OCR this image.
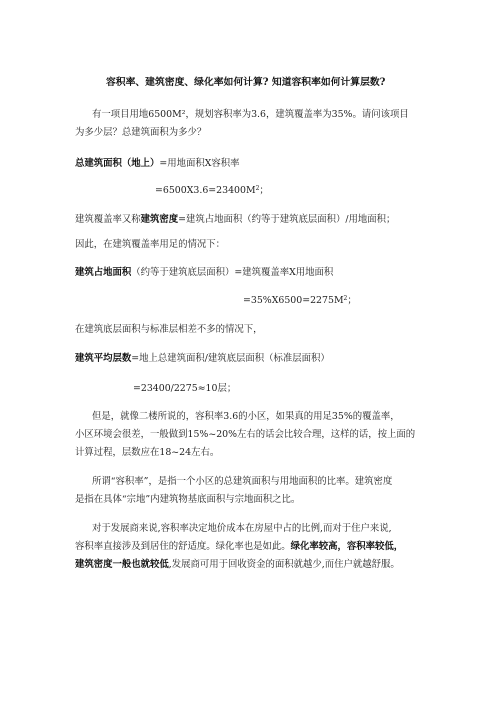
容积率、建筑密度、绿化率如何计算? 知道容积率如何计算层数?
有一项目用地6500M²，规划容积率为3.6，建筑覆盖率为35%。请问该项目
为多少层？总建筑面积为多少？
总建筑面积（地上）=用地面积X容积率
$=6500X3.6=23400M^2$；
建筑覆盖率又称建筑密度=建筑占地面积（约等于建筑底层面积）/用地面积；
因此，在建筑覆盖率用足的情况下：
建筑占地面积（约等于建筑底层面积）=建筑覆盖率X用地面积
$=35\%X6500=2275M^2$；
在建筑底层面积与标准层相差不多的情况下，
建筑平均层数=地上总建筑面积/建筑底层面积（标准层面积）
=23400/2275≈10层；
但是，就像二楼所说的，容积率3.6的小区，如果真的用足35%的覆盖率，
小区环境会很差，一般做到15%~20%左右的话会比较合理，这样的话，按上面的
计算过程，层数应在18~24左右。
所谓“容积率”，是指一个小区的总建筑面积与用地面积的比率。建筑密度
是指在具体“宗地”内建筑物基底面积与宗地面积之比。
对于发展商来说,容积率决定地价成本在房屋中占的比例,而对于住户来说,
容积率直接涉及到居住的舒适度。绿化率也是如此。绿化率较高，容积率较低，
建筑密度一般也就较低,发展商可用于回收资金的面积就越少,而住户就越舒服。
